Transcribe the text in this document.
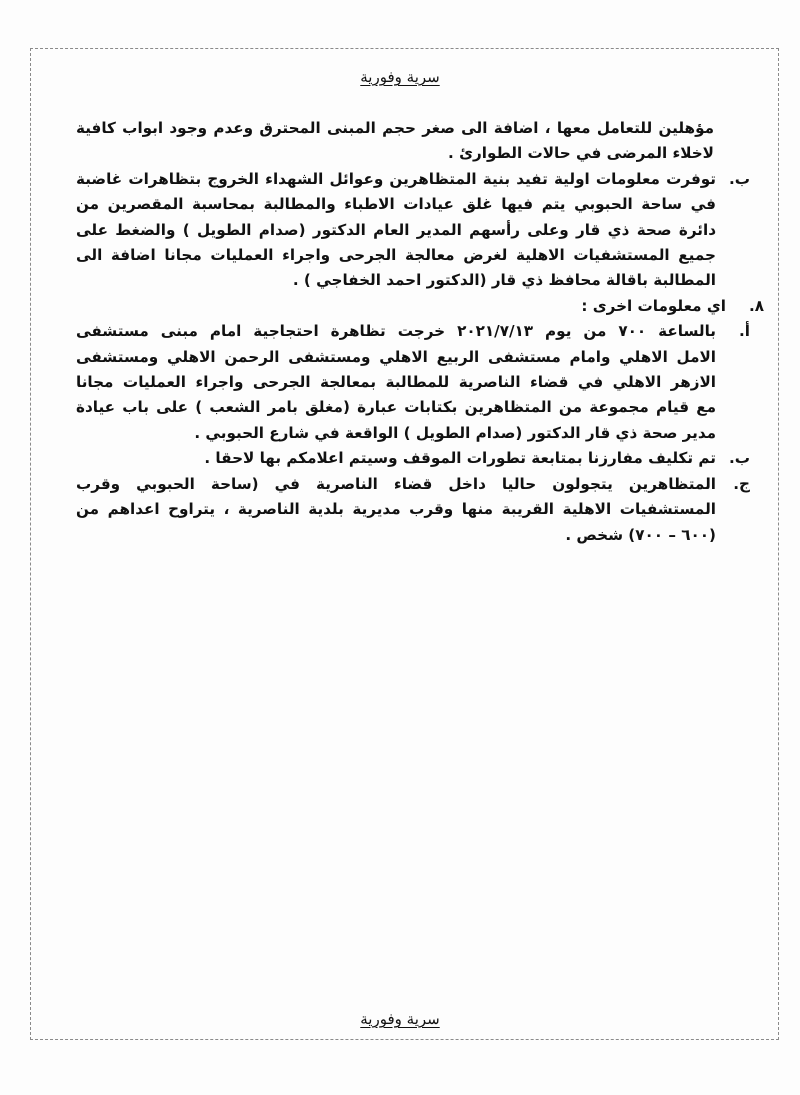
سرية وفورية
مؤهلين للتعامل معها ، اضافة الى صغر حجم المبنى المحترق وعدم وجود ابواب كافية
لاخلاء المرضى في حالات الطوارئ .
ب.
توفرت معلومات اولية تفيد بنية المتظاهرين وعوائل الشهداء الخروج بتظاهرات غاضبة
في ساحة الحبوبي يتم فيها غلق عيادات الاطباء والمطالبة بمحاسبة المقصرين من
دائرة صحة ذي قار وعلى رأسهم المدير العام الدكتور (صدام الطويل ) والضغط على
جميع المستشفيات الاهلية لغرض معالجة الجرحى واجراء العمليات مجانا اضافة الى
المطالبة باقالة محافظ ذي قار (الدكتور احمد الخفاجي ) .
٨.
اي معلومات اخرى :
أ.
بالساعة ٧٠٠ من يوم ٢٠٢١/٧/١٣ خرجت تظاهرة احتجاجية امام مبنى مستشفى
الامل الاهلي وامام مستشفى الربيع الاهلي ومستشفى الرحمن الاهلي ومستشفى
الازهر الاهلي في قضاء الناصرية للمطالبة بمعالجة الجرحى واجراء العمليات مجانا
مع قيام مجموعة من المتظاهرين بكتابات عبارة (مغلق بامر الشعب ) على باب عيادة
مدير صحة ذي قار الدكتور (صدام الطويل ) الواقعة في شارع الحبوبي .
ب.
تم تكليف مفارزنا بمتابعة تطورات الموقف وسيتم اعلامكم بها لاحقا .
ج.
المتظاهرين يتجولون حاليا داخل قضاء الناصرية في (ساحة الحبوبي وقرب
المستشفيات الاهلية القريبة منها وقرب مديرية بلدية الناصرية ، يتراوح اعداهم من
(٦٠٠ – ٧٠٠) شخص .
سرية وفورية
